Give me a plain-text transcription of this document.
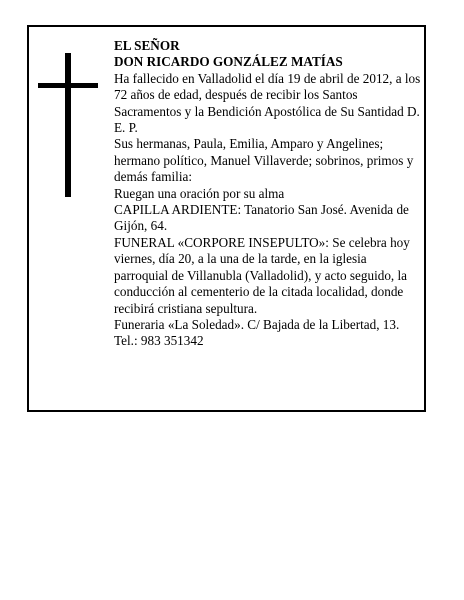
EL SEÑOR

DON RICARDO GONZÁLEZ MATÍAS

Ha fallecido en Valladolid el día 19 de abril de 2012, a los 72 años de edad, después de recibir los Santos Sacramentos y la Bendición Apostólica de Su Santidad D. E. P.

Sus hermanas, Paula, Emilia, Amparo y Angelines; hermano político, Manuel Villaverde; sobrinos, primos y demás familia:

Ruegan una oración por su alma

CAPILLA ARDIENTE: Tanatorio San José. Avenida de Gijón, 64.

FUNERAL «CORPORE INSEPULTO»: Se celebra hoy viernes, día 20, a la una de la tarde, en la iglesia parroquial de Villanubla (Valladolid), y acto seguido, la conducción al cementerio de la citada localidad, donde recibirá cristiana sepultura.

Funeraria «La Soledad». C/ Bajada de la Libertad, 13. Tel.: 983 351342
